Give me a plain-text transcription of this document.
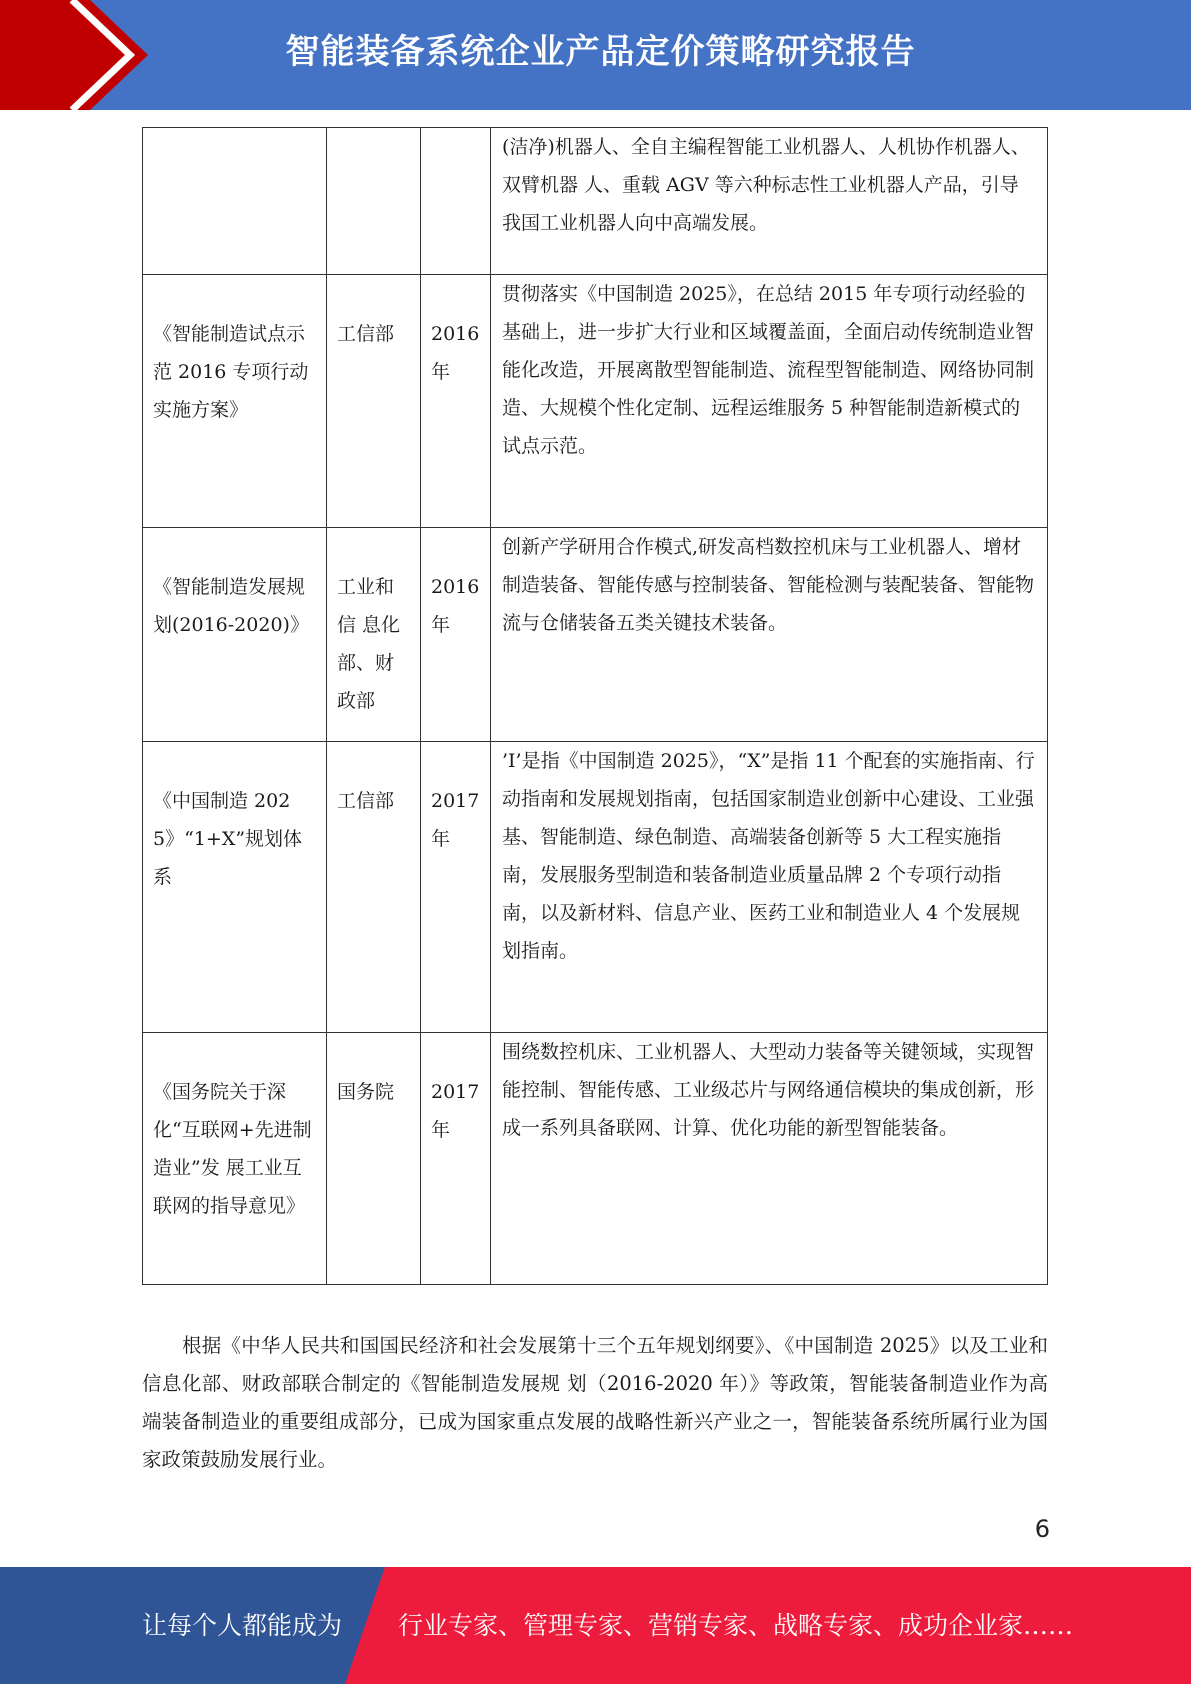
智能装备系统企业产品定价策略研究报告
			(洁净)机器人、全自主编程智能工业机器人、人机协作机器人、双臂机器 人、重载 AGV 等六种标志性工业机器人产品，引导我国工业机器人向中高端发展。
《智能制造试点示范 2016 专项行动实施方案》	工信部	2016 年	贯彻落实《中国制造 2025》，在总结 2015 年专项行动经验的基础上，进一步扩大行业和区域覆盖面，全面启动传统制造业智能化改造，开展离散型智能制造、流程型智能制造、网络协同制造、大规模个性化定制、远程运维服务 5 种智能制造新模式的试点示范。
《智能制造发展规划(2016-2020)》	工业和信 息化部、财政部	2016 年	创新产学研用合作模式,研发高档数控机床与工业机器人、增材制造装备、智能传感与控制装备、智能检测与装配装备、智能物流与仓储装备五类关键技术装备。
《中国制造 2025》“1+X”规划体系	工信部	2017 年	’I’是指《中国制造 2025》，“X”是指 11 个配套的实施指南、行动指南和发展规划指南，包括国家制造业创新中心建设、工业强基、智能制造、绿色制造、高端装备创新等 5 大工程实施指南，发展服务型制造和装备制造业质量品牌 2 个专项行动指南，以及新材料、信息产业、医药工业和制造业人 4 个发展规划指南。
《国务院关于深化“互联网+先进制造业”发 展工业互联网的指导意见》	国务院	2017 年	围绕数控机床、工业机器人、大型动力装备等关键领域，实现智能控制、智能传感、工业级芯片与网络通信模块的集成创新，形成一系列具备联网、计算、优化功能的新型智能装备。

根据《中华人民共和国国民经济和社会发展第十三个五年规划纲要》、《中国制造 2025》以及工业和信息化部、财政部联合制定的《智能制造发展规 划（2016-2020 年）》等政策，智能装备制造业作为高端装备制造业的重要组成部分，已成为国家重点发展的战略性新兴产业之一，智能装备系统所属行业为国家政策鼓励发展行业。

6
让每个人都能成为 行业专家、管理专家、营销专家、战略专家、成功企业家……
